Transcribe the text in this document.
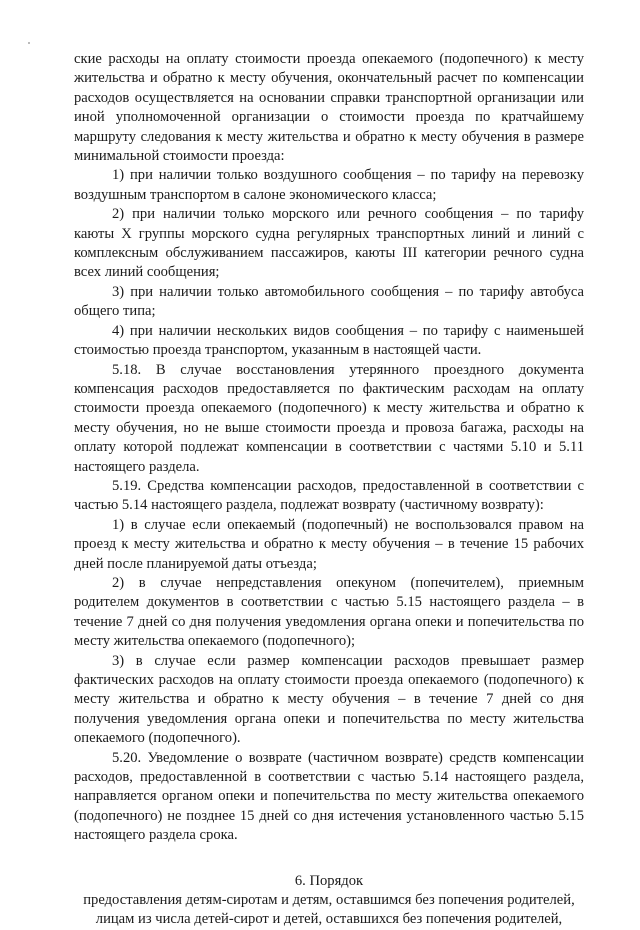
ские расходы на оплату стоимости проезда опекаемого (подопечного) к месту жительства и обратно к месту обучения, окончательный расчет по компенсации расходов осуществляется на основании справки транспортной организации или иной уполномоченной организации о стоимости проезда по кратчайшему маршруту следования к месту жительства и обратно к месту обучения в размере минимальной стоимости проезда:

1) при наличии только воздушного сообщения – по тарифу на перевозку воздушным транспортом в салоне экономического класса;

2) при наличии только морского или речного сообщения – по тарифу каюты X группы морского судна регулярных транспортных линий и линий с комплексным обслуживанием пассажиров, каюты III категории речного судна всех линий сообщения;

3) при наличии только автомобильного сообщения – по тарифу автобуса общего типа;

4) при наличии нескольких видов сообщения – по тарифу с наименьшей стоимостью проезда транспортом, указанным в настоящей части.

5.18. В случае восстановления утерянного проездного документа компенсация расходов предоставляется по фактическим расходам на оплату стоимости проезда опекаемого (подопечного) к месту жительства и обратно к месту обучения, но не выше стоимости проезда и провоза багажа, расходы на оплату которой подлежат компенсации в соответствии с частями 5.10 и 5.11 настоящего раздела.

5.19. Средства компенсации расходов, предоставленной в соответствии с частью 5.14 настоящего раздела, подлежат возврату (частичному возврату):

1) в случае если опекаемый (подопечный) не воспользовался правом на проезд к месту жительства и обратно к месту обучения – в течение 15 рабочих дней после планируемой даты отъезда;

2) в случае непредставления опекуном (попечителем), приемным родителем документов в соответствии с частью 5.15 настоящего раздела – в течение 7 дней со дня получения уведомления органа опеки и попечительства по месту жительства опекаемого (подопечного);

3) в случае если размер компенсации расходов превышает размер фактических расходов на оплату стоимости проезда опекаемого (подопечного) к месту жительства и обратно к месту обучения – в течение 7 дней со дня получения уведомления органа опеки и попечительства по месту жительства опекаемого (подопечного).

5.20. Уведомление о возврате (частичном возврате) средств компенсации расходов, предоставленной в соответствии с частью 5.14 настоящего раздела, направляется органом опеки и попечительства по месту жительства опекаемого (подопечного) не позднее 15 дней со дня истечения установленного частью 5.15 настоящего раздела срока.

6. Порядок

предоставления детям-сиротам и детям, оставшимся без попечения родителей,

лицам из числа детей-сирот и детей, оставшихся без попечения родителей,
